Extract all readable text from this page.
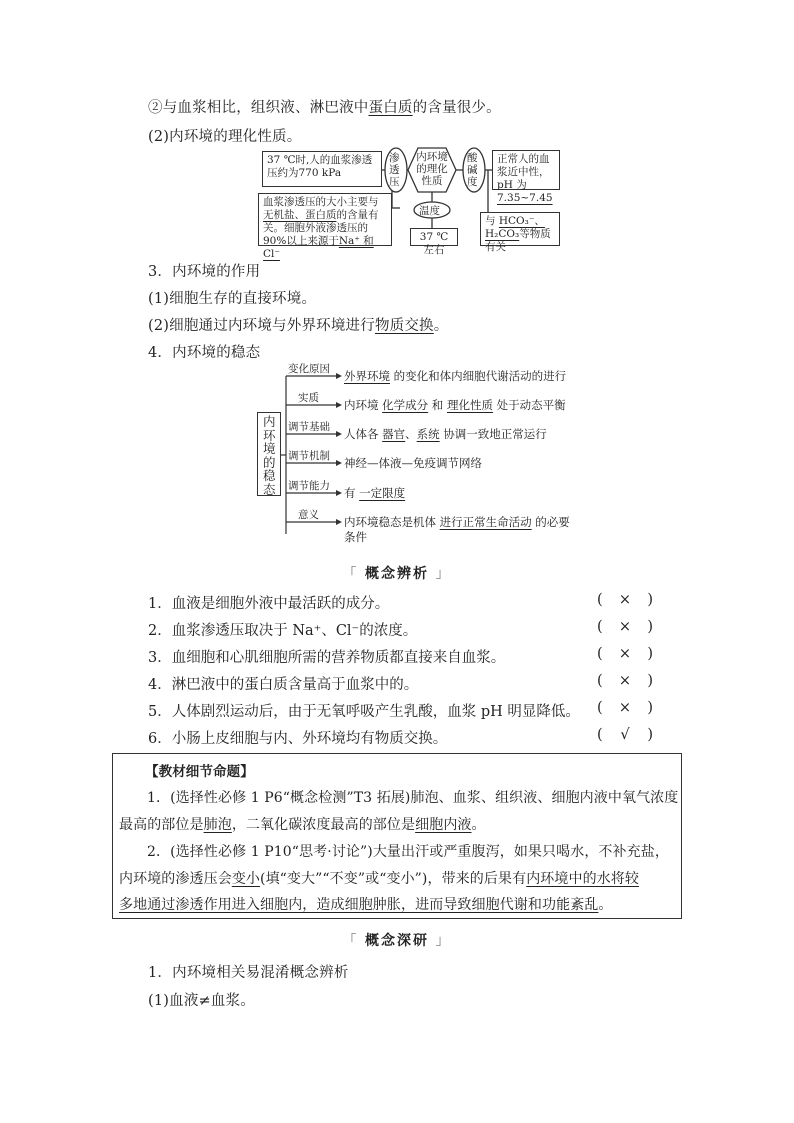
②与血浆相比，组织液、淋巴液中蛋白质的含量很少。
(2)内环境的理化性质。
37 ℃时,人的血浆渗透压约为770 kPa
血浆渗透压的大小主要与无机盐、蛋白质的含量有关。细胞外液渗透压的90%以上来源于Na⁺ 和 Cl⁻
渗透压
内环境的理化性质
酸碱度
温度
37 ℃左右
正常人的血浆近中性，pH 为7.35~7.45
与 HCO₃⁻、H₂CO₃等物质有关
3．内环境的作用
(1)细胞生存的直接环境。
(2)细胞通过内环境与外界环境进行物质交换。
4．内环境的稳态
内环境的稳态
变化原因 外界环境 的变化和体内细胞代谢活动的进行
实质 内环境 化学成分 和 理化性质 处于动态平衡
调节基础 人体各 器官、系统 协调一致地正常运行
调节机制 神经—体液—免疫调节网络
调节能力 有 一定限度
意义 内环境稳态是机体 进行正常生命活动 的必要
条件
「 概念辨析 」
1．血液是细胞外液中最活跃的成分。	( × )
2．血浆渗透压取决于 Na⁺、Cl⁻的浓度。	( × )
3．血细胞和心肌细胞所需的营养物质都直接来自血浆。	( × )
4．淋巴液中的蛋白质含量高于血浆中的。	( × )
5．人体剧烈运动后，由于无氧呼吸产生乳酸，血浆 pH 明显降低。 ( × )
6．小肠上皮细胞与内、外环境均有物质交换。	( √ )

【教材细节命题】

1．(选择性必修 1 P6“概念检测”T3 拓展)肺泡、血浆、组织液、细胞内液中氧气浓度

最高的部位是肺泡，二氧化碳浓度最高的部位是细胞内液。

2．(选择性必修 1 P10“思考·讨论”)大量出汗或严重腹泻，如果只喝水，不补充盐，

内环境的渗透压会变小(填“变大”“不变”或“变小”)，带来的后果有内环境中的水将较

多地通过渗透作用进入细胞内，造成细胞肿胀，进而导致细胞代谢和功能紊乱。

「 概念深研 」
1．内环境相关易混淆概念辨析
(1)血液≠血浆。
